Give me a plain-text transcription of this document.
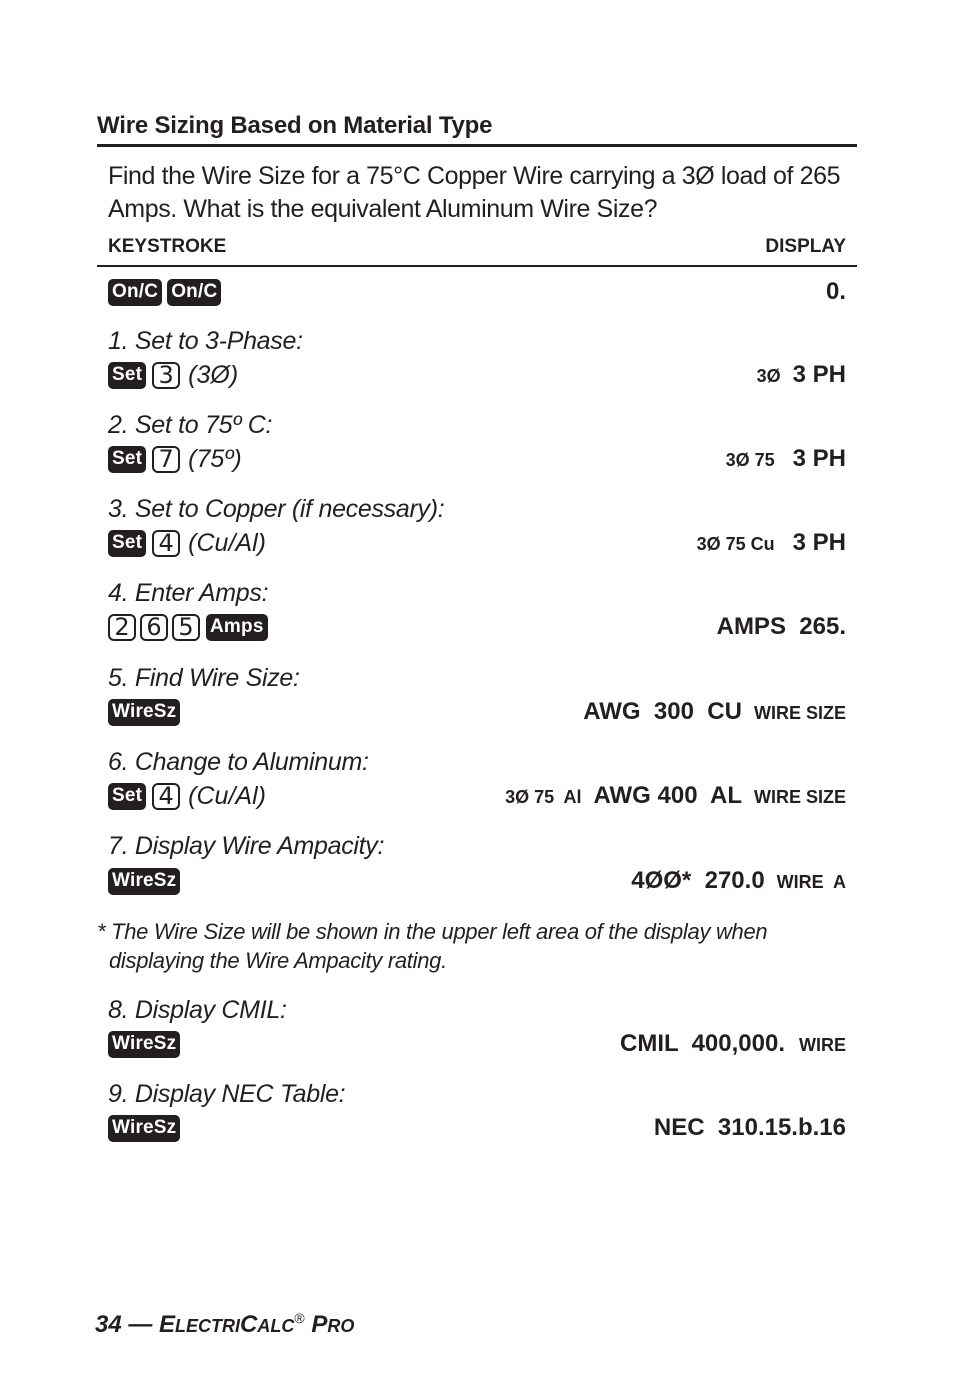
Wire Sizing Based on Material Type
Find the Wire Size for a 75°C Copper Wire carrying a 3Ø load of 265 Amps. What is the equivalent Aluminum Wire Size?
KEYSTROKE	DISPLAY
On/C On/C	0.
1. Set to 3-Phase:
Set 3 (3Ø)	3Ø 3 PH
2. Set to 75º C:
Set 7 (75º)	3Ø 75 3 PH
3. Set to Copper (if necessary):
Set 4 (Cu/Al)	3Ø 75 Cu 3 PH
4. Enter Amps:
2 6 5 Amps	AMPS  265.
5. Find Wire Size:
WireSz	AWG  300  CU WIRE SIZE
6. Change to Aluminum:
Set 4 (Cu/Al)	3Ø 75  Al AWG 400  AL WIRE SIZE
7. Display Wire Ampacity:
WireSz	4ØØ*  270.0 WIRE  A
* The Wire Size will be shown in the upper left area of the display when
displaying the Wire Ampacity rating.
8. Display CMIL:
WireSz	CMIL  400,000. WIRE
9. Display NEC Table:
WireSz	NEC  310.15.b.16
34 — ELECTRICALC® PRO
